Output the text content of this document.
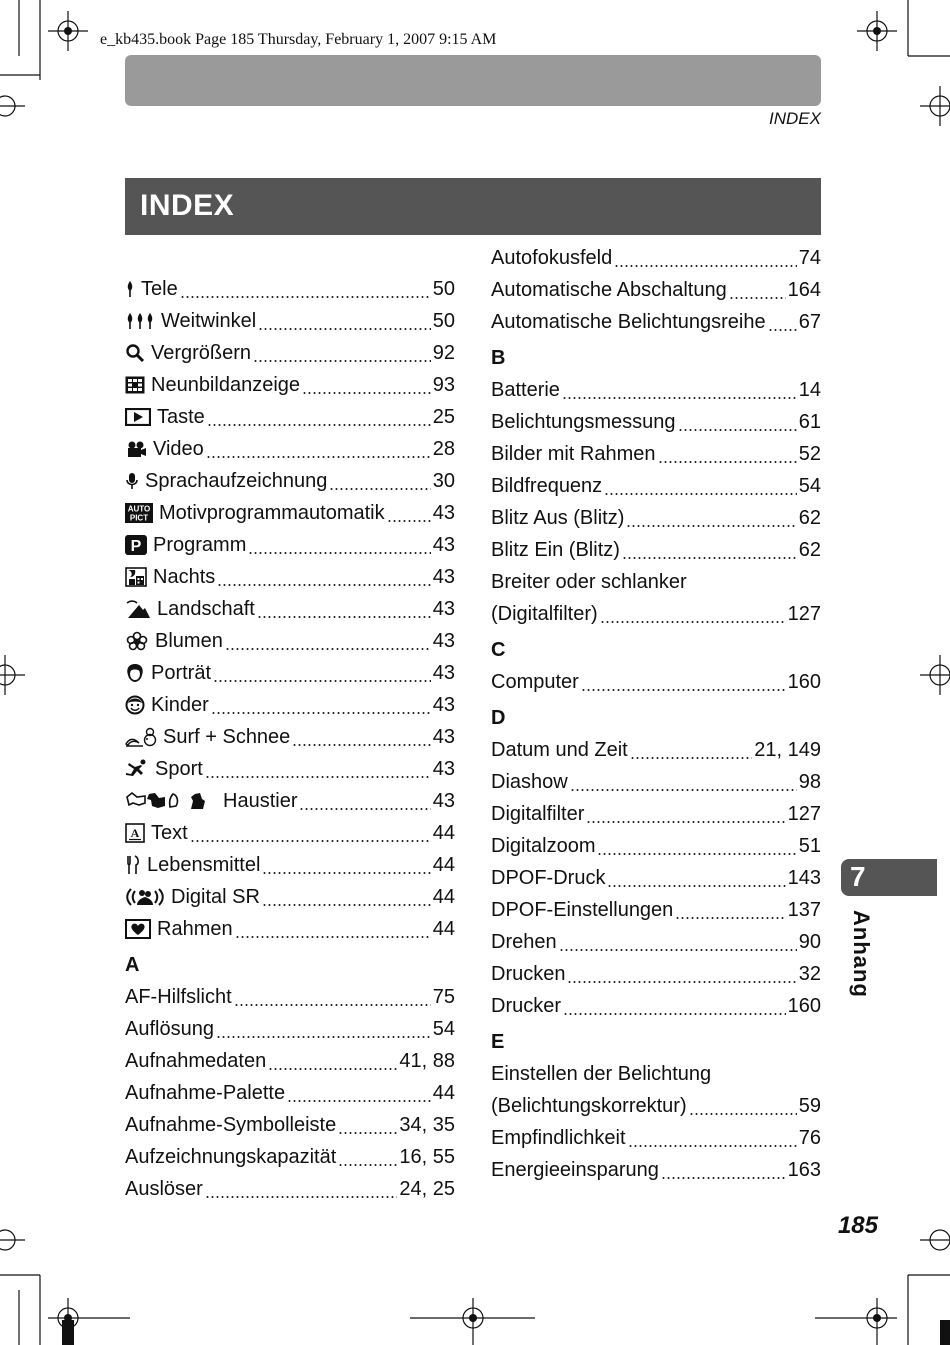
e_kb435.book Page 185 Thursday, February 1, 2007 9:15 AM
INDEX
INDEX
Tele	50
Weitwinkel	50
Vergrößern	92
Neunbildanzeige	93
Taste	25
Video	28
Sprachaufzeichnung	30
AUTO
PICT Motivprogrammautomatik 43
P Programm	43
Nachts	43
Landschaft	43
Blumen	43
Porträt	43
Kinder	43
Surf + Schnee	43
Sport	43
Haustier	43
A Text	44
Lebensmittel	44
Digital SR	44
Rahmen	44
A
AF-Hilfslicht	75
Auflösung	54
Aufnahmedaten	41, 88
Aufnahme-Palette	44
Aufnahme-Symbolleiste	34, 35
Aufzeichnungskapazität	16, 55
Auslöser	24, 25
Autofokusfeld	74
Automatische Abschaltung	164
Automatische Belichtungsreihe 67
B
Batterie	14
Belichtungsmessung	61
Bilder mit Rahmen	52
Bildfrequenz	54
Blitz Aus (Blitz)	62
Blitz Ein (Blitz)	62
Breiter oder schlanker
(Digitalfilter)	127
C
Computer	160
D
Datum und Zeit	21, 149
Diashow	98
Digitalfilter	127
Digitalzoom	51
DPOF-Druck	143
DPOF-Einstellungen	137
Drehen	90
Drucken	32
Drucker	160
E
Einstellen der Belichtung
(Belichtungskorrektur)	59
Empfindlichkeit	76
Energieeinsparung	163
7
Anhang
185
